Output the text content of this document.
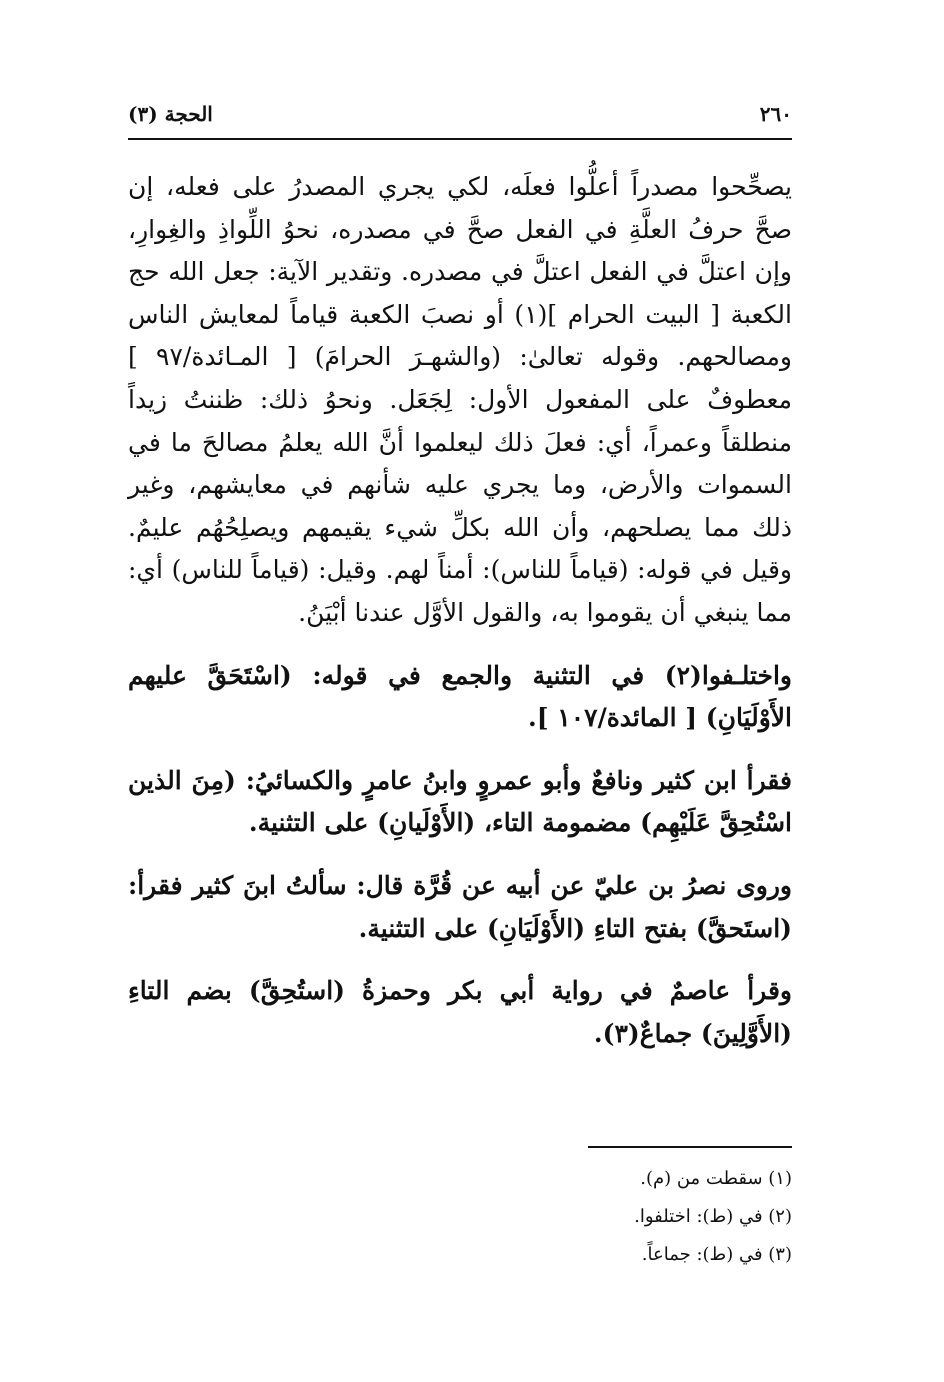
٢٦٠
الحجة (٣)

يصحِّحوا مصدراً أعلُّوا فعلَه، لكي يجري المصدرُ على فعله، إن صحَّ حرفُ العلَّةِ في الفعل صحَّ في مصدره، نحوُ اللِّواذِ والغِوارِ، وإن اعتلَّ في الفعل اعتلَّ في مصدره. وتقدير الآية: جعل الله حج الكعبة [ البيت الحرام ](١) أو نصبَ الكعبة قياماً لمعايش الناس ومصالحهم. وقوله تعالىٰ: (والشهـرَ الحرامَ) [ المـائدة/٩٧ ] معطوفٌ على المفعول الأول: لِجَعَل. ونحوُ ذلك: ظننتُ زيداً منطلقاً وعمراً، أي: فعلَ ذلك ليعلموا أنَّ الله يعلمُ مصالحَ ما في السموات والأرض، وما يجري عليه شأنهم في معايشهم، وغير ذلك مما يصلحهم، وأن الله بكلِّ شيء يقيمهم ويصلِحُهُم عليمٌ. وقيل في قوله: (قياماً للناس): أمناً لهم. وقيل: (قياماً للناس) أي: مما ينبغي أن يقوموا به، والقول الأوَّل عندنا أبْيَنُ.

واختلـفوا(٢) في التثنية والجمع في قوله: (اسْتَحَقَّ عليهم الأَوْلَيَانِ) [ المائدة/١٠٧ ].

فقرأ ابن كثير ونافعٌ وأبو عمروٍ وابنُ عامرٍ والكسائيُ: (مِنَ الذين اسْتُحِقَّ عَلَيْهِم) مضمومة التاء، (الأَوْلَيانِ) على التثنية.

وروى نصرُ بن عليّ عن أبيه عن قُرَّة قال: سألتُ ابنَ كثير فقرأ: (استَحقَّ) بفتح التاءِ (الأَوْلَيَانِ) على التثنية.

وقرأ عاصمٌ في رواية أبي بكر وحمزةُ (استُحِقَّ) بضم التاءِ (الأَوَّلِينَ) جماعٌ(٣).

(١) سقطت من (م).

(٢) في (ط): اختلفوا.

(٣) في (ط): جماعاً.
